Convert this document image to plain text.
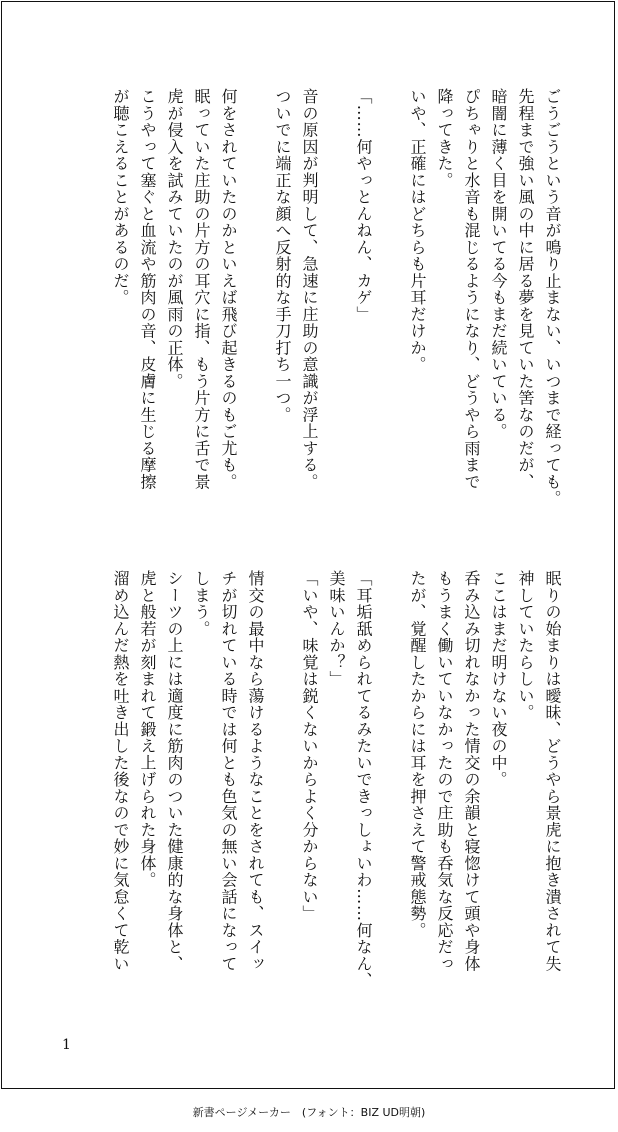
ごうごうという音が鳴り止まない、いつまで経っても。
先程まで強い風の中に居る夢を見ていた筈なのだが、
暗闇に薄く目を開いてる今もまだ続いている。
ぴちゃりと水音も混じるようになり、どうやら雨まで
降ってきた。
いや、正確にはどちらも片耳だけか。

「……何やっとんねん、カゲ」

音の原因が判明して、急速に庄助の意識が浮上する。
ついでに端正な顔へ反射的な手刀打ち一つ。

何をされていたのかといえば飛び起きるのもご尤も。
眠っていた庄助の片方の耳穴に指、もう片方に舌で景
虎が侵入を試みていたのが風雨の正体。
こうやって塞ぐと血流や筋肉の音、皮膚に生じる摩擦
が聴こえることがあるのだ。
眠りの始まりは曖昧、どうやら景虎に抱き潰されて失
神していたらしい。
ここはまだ明けない夜の中。
呑み込み切れなかった情交の余韻と寝惚けて頭や身体
もうまく働いていなかったので庄助も呑気な反応だっ
たが、覚醒したからには耳を押さえて警戒態勢。

「耳垢舐められてるみたいできっしょいわ……何なん、
美味いんか？」
「いや、味覚は鋭くないからよく分からない」

情交の最中なら蕩けるようなことをされても、スイッ
チが切れている時では何とも色気の無い会話になって
しまう。
シーツの上には適度に筋肉のついた健康的な身体と、
虎と般若が刻まれて鍛え上げられた身体。
溜め込んだ熱を吐き出した後なので妙に気怠くて乾い
1
新書ページメーカー　(フォント：BIZ UD明朝)
